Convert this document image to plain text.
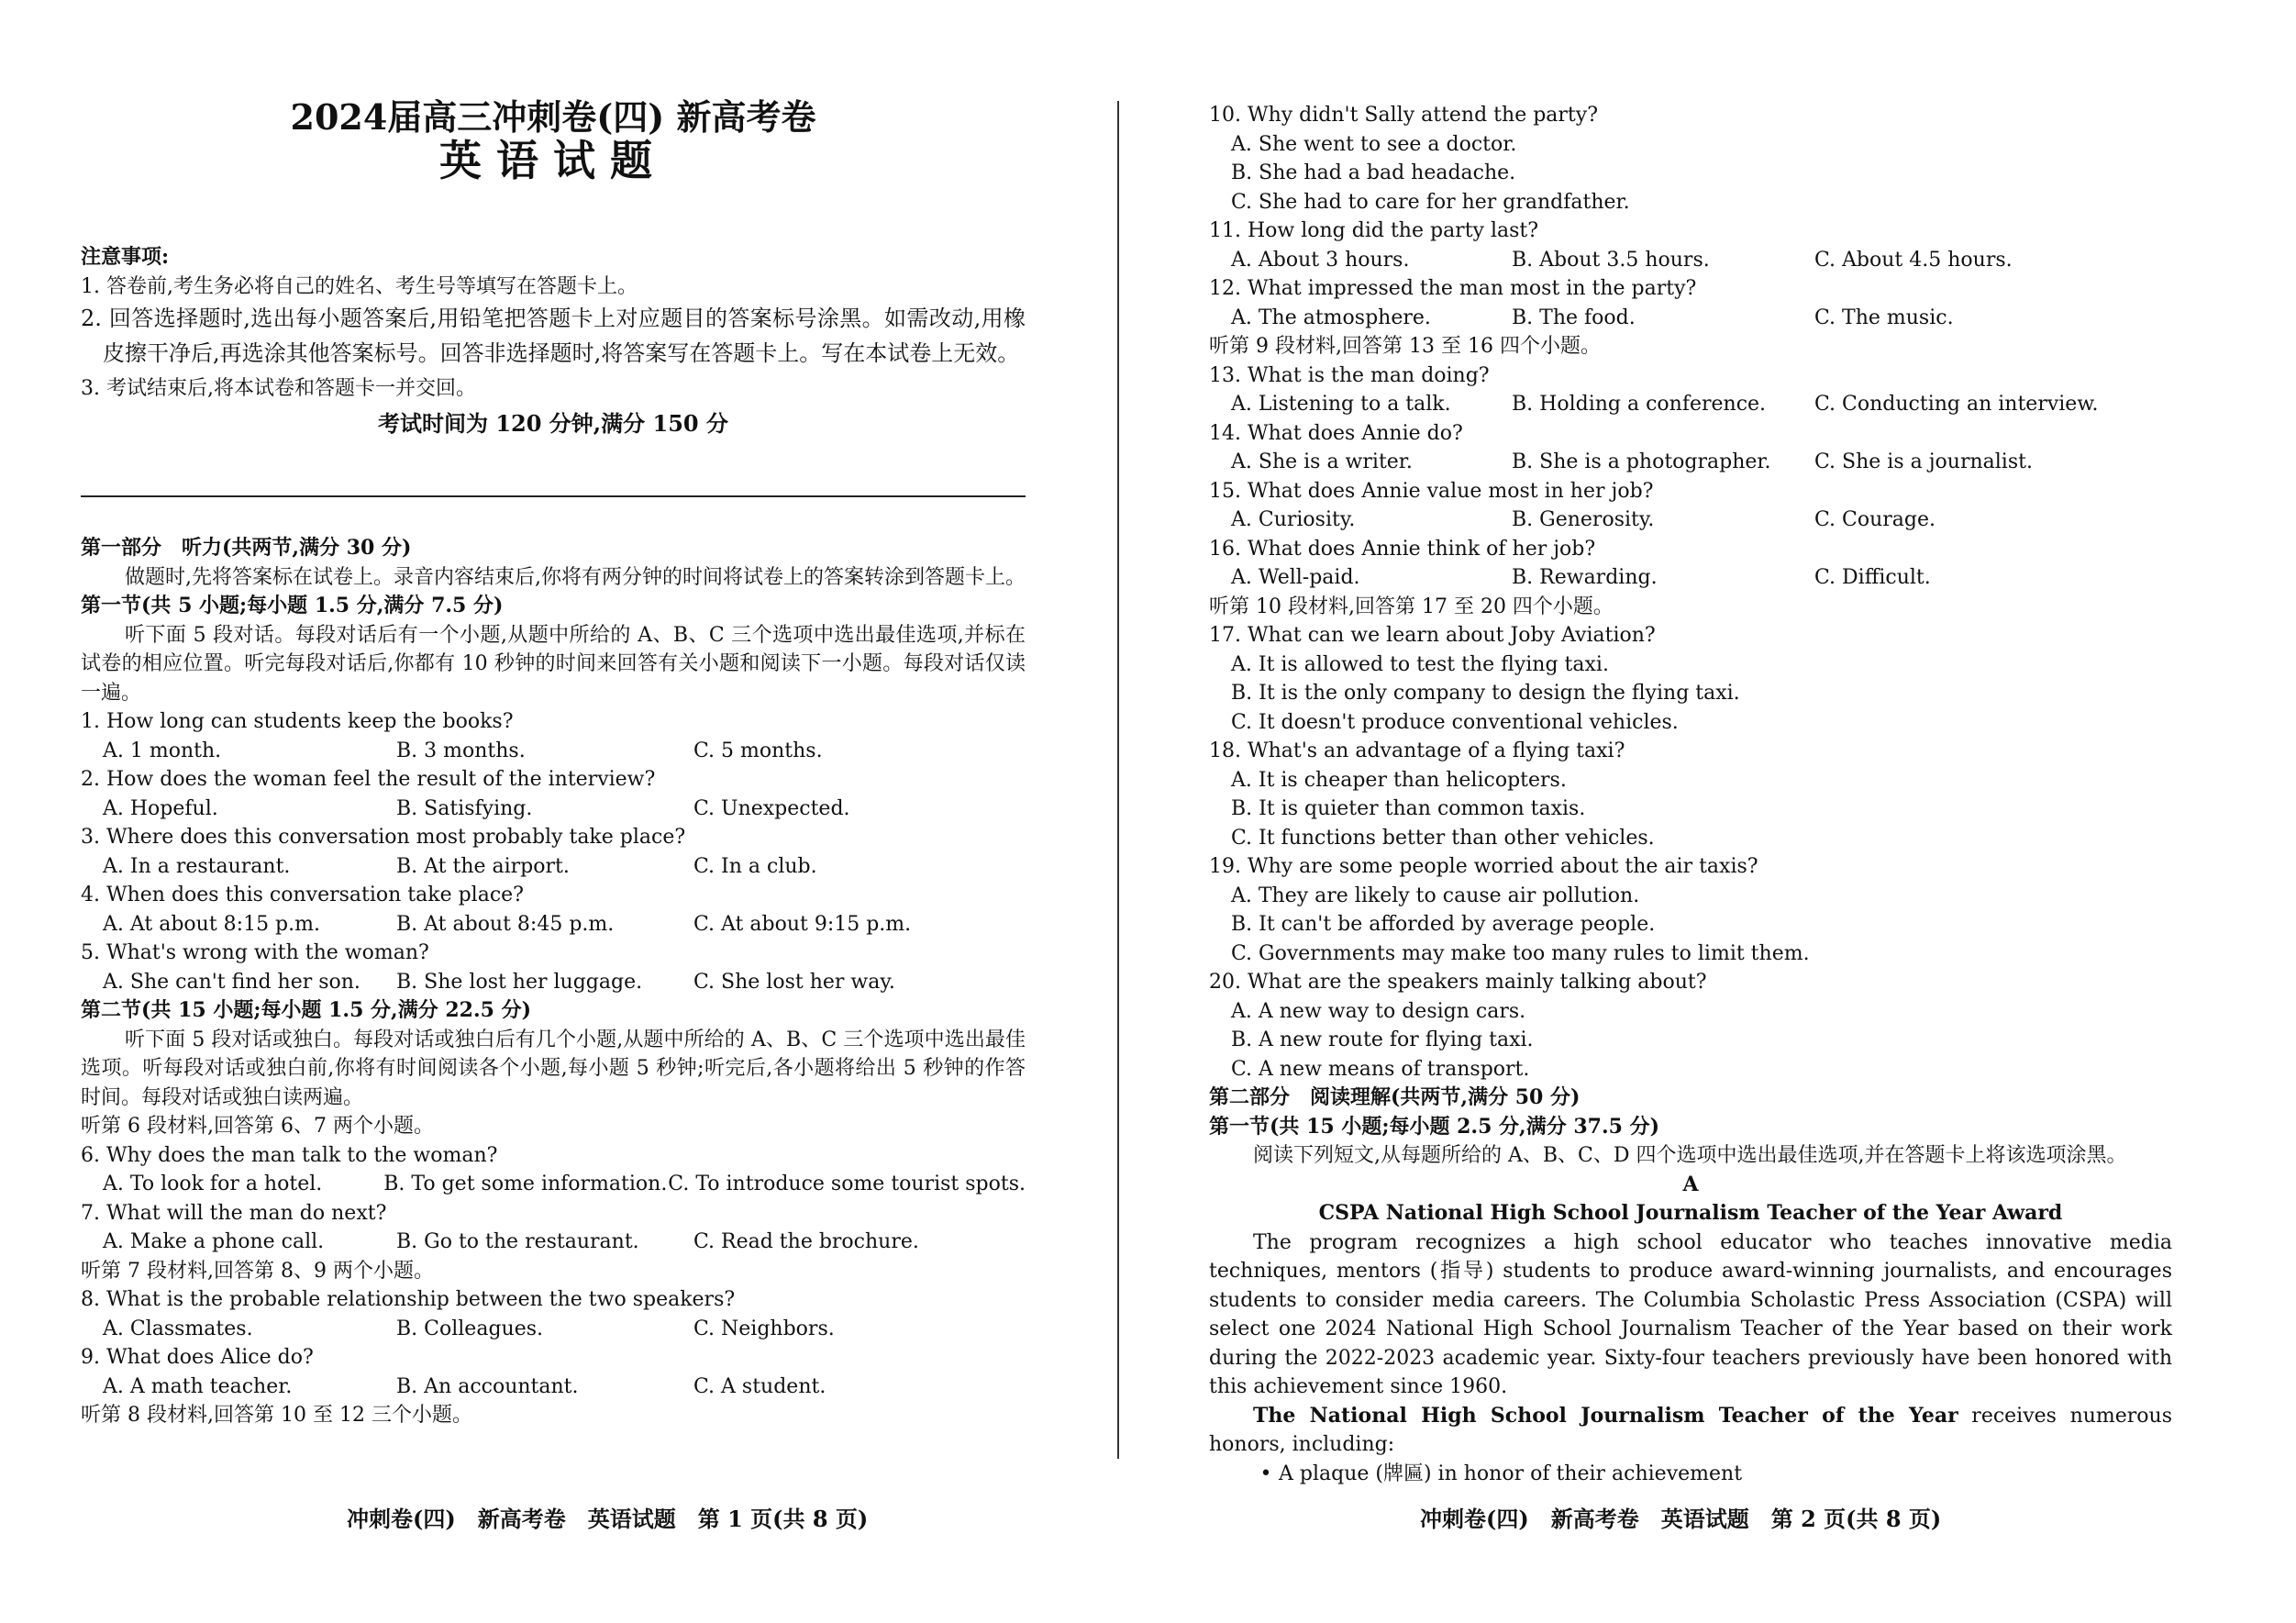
2024届高三冲刺卷(四) 新高考卷
英语试题
注意事项:
1. 答卷前,考生务必将自己的姓名、考生号等填写在答题卡上。
2. 回答选择题时,选出每小题答案后,用铅笔把答题卡上对应题目的答案标号涂黑。如需改动,用橡皮擦干净后,再选涂其他答案标号。回答非选择题时,将答案写在答题卡上。写在本试卷上无效。
3. 考试结束后,将本试卷和答题卡一并交回。
考试时间为 120 分钟,满分 150 分
第一部分　听力(共两节,满分 30 分)
做题时,先将答案标在试卷上。录音内容结束后,你将有两分钟的时间将试卷上的答案转涂到答题卡上。
第一节(共 5 小题;每小题 1.5 分,满分 7.5 分)
听下面 5 段对话。每段对话后有一个小题,从题中所给的 A、B、C 三个选项中选出最佳选项,并标在试卷的相应位置。听完每段对话后,你都有 10 秒钟的时间来回答有关小题和阅读下一小题。每段对话仅读一遍。
1. How long can students keep the books?
A. 1 month.	B. 3 months.	C. 5 months.
2. How does the woman feel the result of the interview?
A. Hopeful.	B. Satisfying.	C. Unexpected.
3. Where does this conversation most probably take place?
A. In a restaurant.	B. At the airport.	C. In a club.
4. When does this conversation take place?
A. At about 8:15 p.m.	B. At about 8:45 p.m.	C. At about 9:15 p.m.
5. What's wrong with the woman?
A. She can't find her son.	B. She lost her luggage.	C. She lost her way.
第二节(共 15 小题;每小题 1.5 分,满分 22.5 分)
听下面 5 段对话或独白。每段对话或独白后有几个小题,从题中所给的 A、B、C 三个选项中选出最佳选项。听每段对话或独白前,你将有时间阅读各个小题,每小题 5 秒钟;听完后,各小题将给出 5 秒钟的作答时间。每段对话或独白读两遍。
听第 6 段材料,回答第 6、7 两个小题。
6. Why does the man talk to the woman?
A. To look for a hotel.	B. To get some information. C. To introduce some tourist spots.
7. What will the man do next?
A. Make a phone call.	B. Go to the restaurant.	C. Read the brochure.
听第 7 段材料,回答第 8、9 两个小题。
8. What is the probable relationship between the two speakers?
A. Classmates.	B. Colleagues.	C. Neighbors.
9. What does Alice do?
A. A math teacher.	B. An accountant.	C. A student.
听第 8 段材料,回答第 10 至 12 三个小题。
冲刺卷(四)　新高考卷　英语试题　第 1 页(共 8 页)
10. Why didn't Sally attend the party?
A. She went to see a doctor.
B. She had a bad headache.
C. She had to care for her grandfather.
11. How long did the party last?
A. About 3 hours.	B. About 3.5 hours.	C. About 4.5 hours.
12. What impressed the man most in the party?
A. The atmosphere.	B. The food.	C. The music.
听第 9 段材料,回答第 13 至 16 四个小题。
13. What is the man doing?
A. Listening to a talk.	B. Holding a conference.	C. Conducting an interview.
14. What does Annie do?
A. She is a writer.	B. She is a photographer.	C. She is a journalist.
15. What does Annie value most in her job?
A. Curiosity.	B. Generosity.	C. Courage.
16. What does Annie think of her job?
A. Well-paid.	B. Rewarding.	C. Difficult.
听第 10 段材料,回答第 17 至 20 四个小题。
17. What can we learn about Joby Aviation?
A. It is allowed to test the flying taxi.
B. It is the only company to design the flying taxi.
C. It doesn't produce conventional vehicles.
18. What's an advantage of a flying taxi?
A. It is cheaper than helicopters.
B. It is quieter than common taxis.
C. It functions better than other vehicles.
19. Why are some people worried about the air taxis?
A. They are likely to cause air pollution.
B. It can't be afforded by average people.
C. Governments may make too many rules to limit them.
20. What are the speakers mainly talking about?
A. A new way to design cars.
B. A new route for flying taxi.
C. A new means of transport.
第二部分　阅读理解(共两节,满分 50 分)
第一节(共 15 小题;每小题 2.5 分,满分 37.5 分)
阅读下列短文,从每题所给的 A、B、C、D 四个选项中选出最佳选项,并在答题卡上将该选项涂黑。
A
CSPA National High School Journalism Teacher of the Year Award
The program recognizes a high school educator who teaches innovative media techniques, mentors (指导) students to produce award-winning journalists, and encourages students to consider media careers. The Columbia Scholastic Press Association (CSPA) will select one 2024 National High School Journalism Teacher of the Year based on their work during the 2022-2023 academic year. Sixty-four teachers previously have been honored with this achievement since 1960.
The National High School Journalism Teacher of the Year receives numerous honors, including:
• A plaque (牌匾) in honor of their achievement
冲刺卷(四)　新高考卷　英语试题　第 2 页(共 8 页)
